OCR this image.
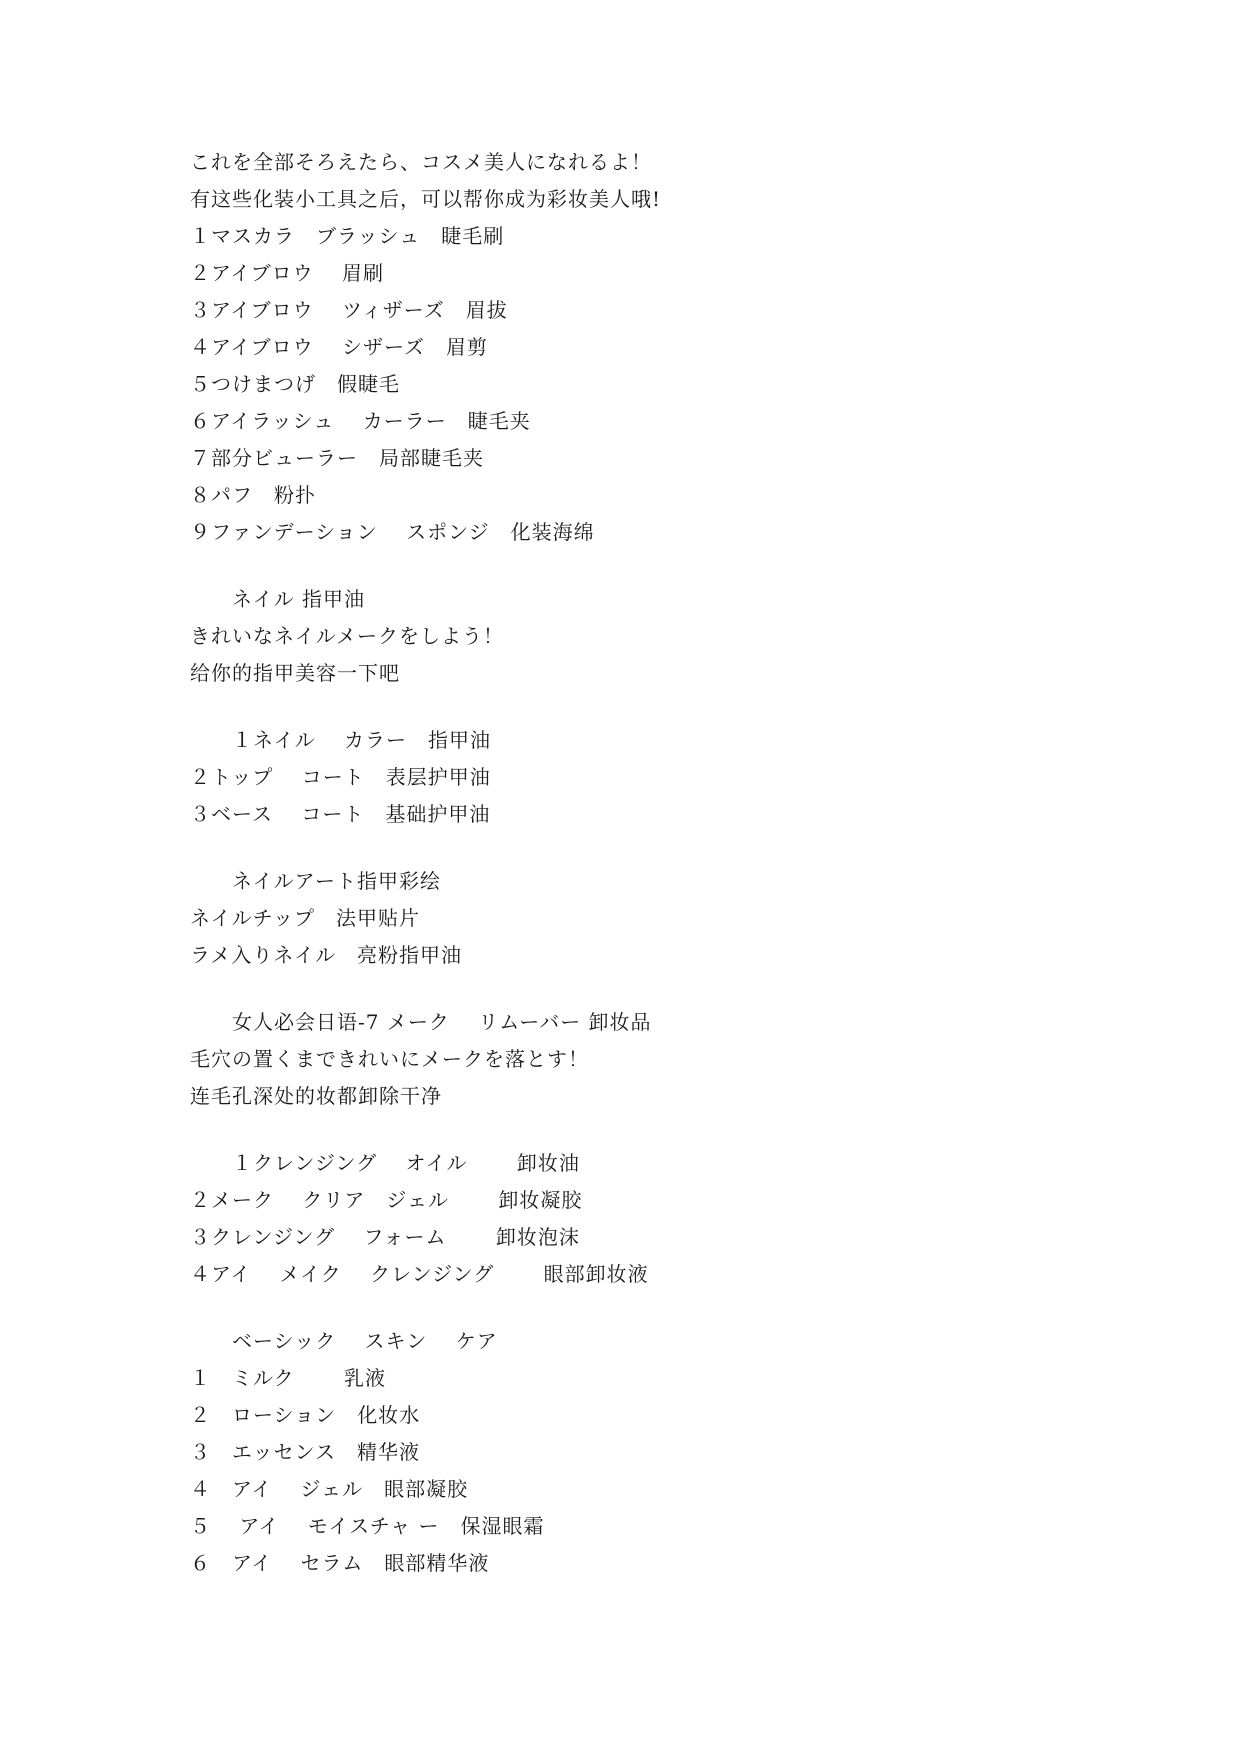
これを全部そろえたら、コスメ美人になれるよ！
有这些化装小工具之后，可以帮你成为彩妆美人哦!
１マスカラ　ブラッシュ　睫毛刷
２アイブロウ　 眉刷
３アイブロウ　 ツィザーズ　眉拔
４アイブロウ　 シザーズ　眉剪
５つけまつげ　假睫毛
６アイラッシュ　 カーラー　睫毛夹
７部分ビューラー　局部睫毛夹
８パフ　粉扑
９ファンデーション　 スポンジ　化装海绵
　　ネイル 指甲油
きれいなネイルメークをしよう！
给你的指甲美容一下吧
　　１ネイル　 カラー　指甲油
２トップ　 コート　表层护甲油
３ベース　 コート　基础护甲油
　　ネイルアート指甲彩绘
ネイルチップ　法甲贴片
ラメ入りネイル　亮粉指甲油
　　女人必会日语-7 メーク　 リムーバー 卸妆品
毛穴の置くまできれいにメークを落とす！
连毛孔深处的妆都卸除干净
　　１クレンジング　 オイル　　 卸妆油
２メーク　 クリア　ジェル　　 卸妆凝胶
３クレンジング　 フォーム　　 卸妆泡沫
４アイ　 メイク　 クレンジング　　 眼部卸妆液
　　ベーシック　 スキン　 ケア
１　ミルク　　 乳液
２　ローション　化妆水
３　エッセンス　精华液
４　アイ　 ジェル　眼部凝胶
５　 アイ　 モイスチャ ー　保湿眼霜
６　アイ　 セラム　眼部精华液
